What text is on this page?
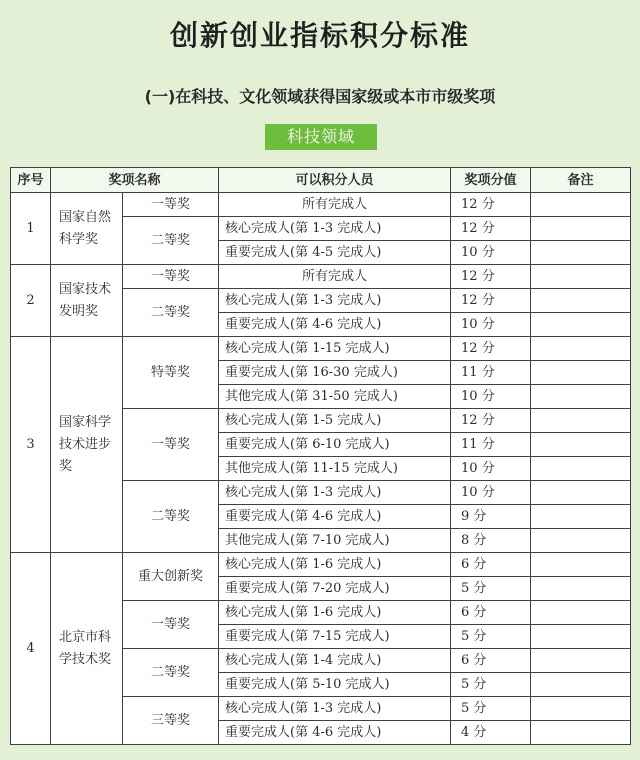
创新创业指标积分标准
(一)在科技、文化领域获得国家级或本市市级奖项
科技领域
序号	奖项名称		可以积分人员	奖项分值	备注
1	国家自然科学奖	一等奖	所有完成人	12 分	
		二等奖	核心完成人(第 1-3 完成人)	12 分	
			重要完成人(第 4-5 完成人)	10 分	
2	国家技术发明奖	一等奖	所有完成人	12 分	
		二等奖	核心完成人(第 1-3 完成人)	12 分	
			重要完成人(第 4-6 完成人)	10 分	
3	国家科学技术进步奖	特等奖	核心完成人(第 1-15 完成人)	12 分	
			重要完成人(第 16-30 完成人)	11 分	
			其他完成人(第 31-50 完成人)	10 分	
		一等奖	核心完成人(第 1-5 完成人)	12 分	
			重要完成人(第 6-10 完成人)	11 分	
			其他完成人(第 11-15 完成人)	10 分	
		二等奖	核心完成人(第 1-3 完成人)	10 分	
			重要完成人(第 4-6 完成人)	9 分	
			其他完成人(第 7-10 完成人)	8 分	
4	北京市科学技术奖	重大创新奖	核心完成人(第 1-6 完成人)	6 分	
			重要完成人(第 7-20 完成人)	5 分	
		一等奖	核心完成人(第 1-6 完成人)	6 分	
			重要完成人(第 7-15 完成人)	5 分	
		二等奖	核心完成人(第 1-4 完成人)	6 分	
			重要完成人(第 5-10 完成人)	5 分	
		三等奖	核心完成人(第 1-3 完成人)	5 分	
			重要完成人(第 4-6 完成人)	4 分	
